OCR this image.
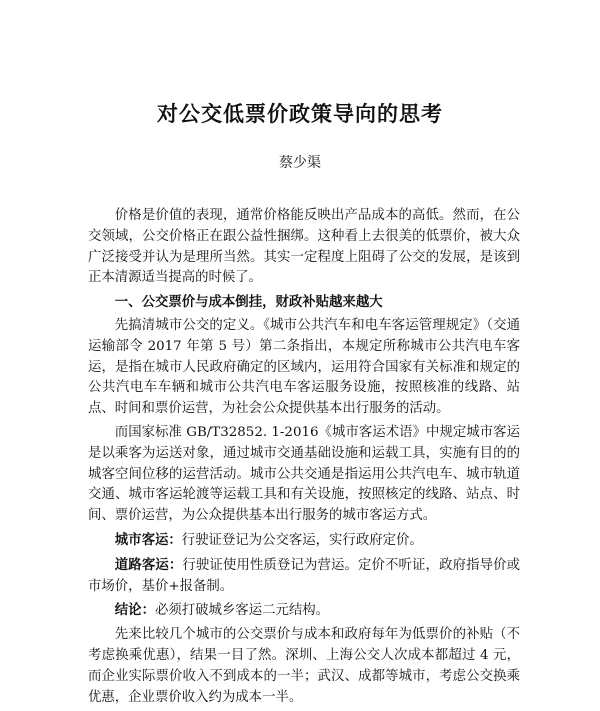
对公交低票价政策导向的思考
蔡少渠

价格是价值的表现，通常价格能反映出产品成本的高低。然而，在公交领域，公交价格正在跟公益性捆绑。这种看上去很美的低票价，被大众广泛接受并认为是理所当然。其实一定程度上阻碍了公交的发展，是该到正本清源适当提高的时候了。

一、公交票价与成本倒挂，财政补贴越来越大

先搞清城市公交的定义。《城市公共汽车和电车客运管理规定》（交通运输部令 2017 年第 5 号）第二条指出，本规定所称城市公共汽电车客运，是指在城市人民政府确定的区域内，运用符合国家有关标准和规定的公共汽电车车辆和城市公共汽电车客运服务设施，按照核准的线路、站点、时间和票价运营，为社会公众提供基本出行服务的活动。

而国家标准 GB/T32852. 1-2016《城市客运术语》中规定城市客运是以乘客为运送对象，通过城市交通基础设施和运载工具，实施有目的的城客空间位移的运营活动。城市公共交通是指运用公共汽电车、城市轨道交通、城市客运轮渡等运载工具和有关设施，按照核定的线路、站点、时间、票价运营，为公众提供基本出行服务的城市客运方式。

城市客运：行驶证登记为公交客运，实行政府定价。

道路客运：行驶证使用性质登记为营运。定价不听证，政府指导价或市场价，基价+报备制。

结论：必须打破城乡客运二元结构。

先来比较几个城市的公交票价与成本和政府每年为低票价的补贴（不考虑换乘优惠），结果一目了然。深圳、上海公交人次成本都超过 4 元，而企业实际票价收入不到成本的一半；武汉、成都等城市，考虑公交换乘优惠，企业票价收入约为成本一半。
